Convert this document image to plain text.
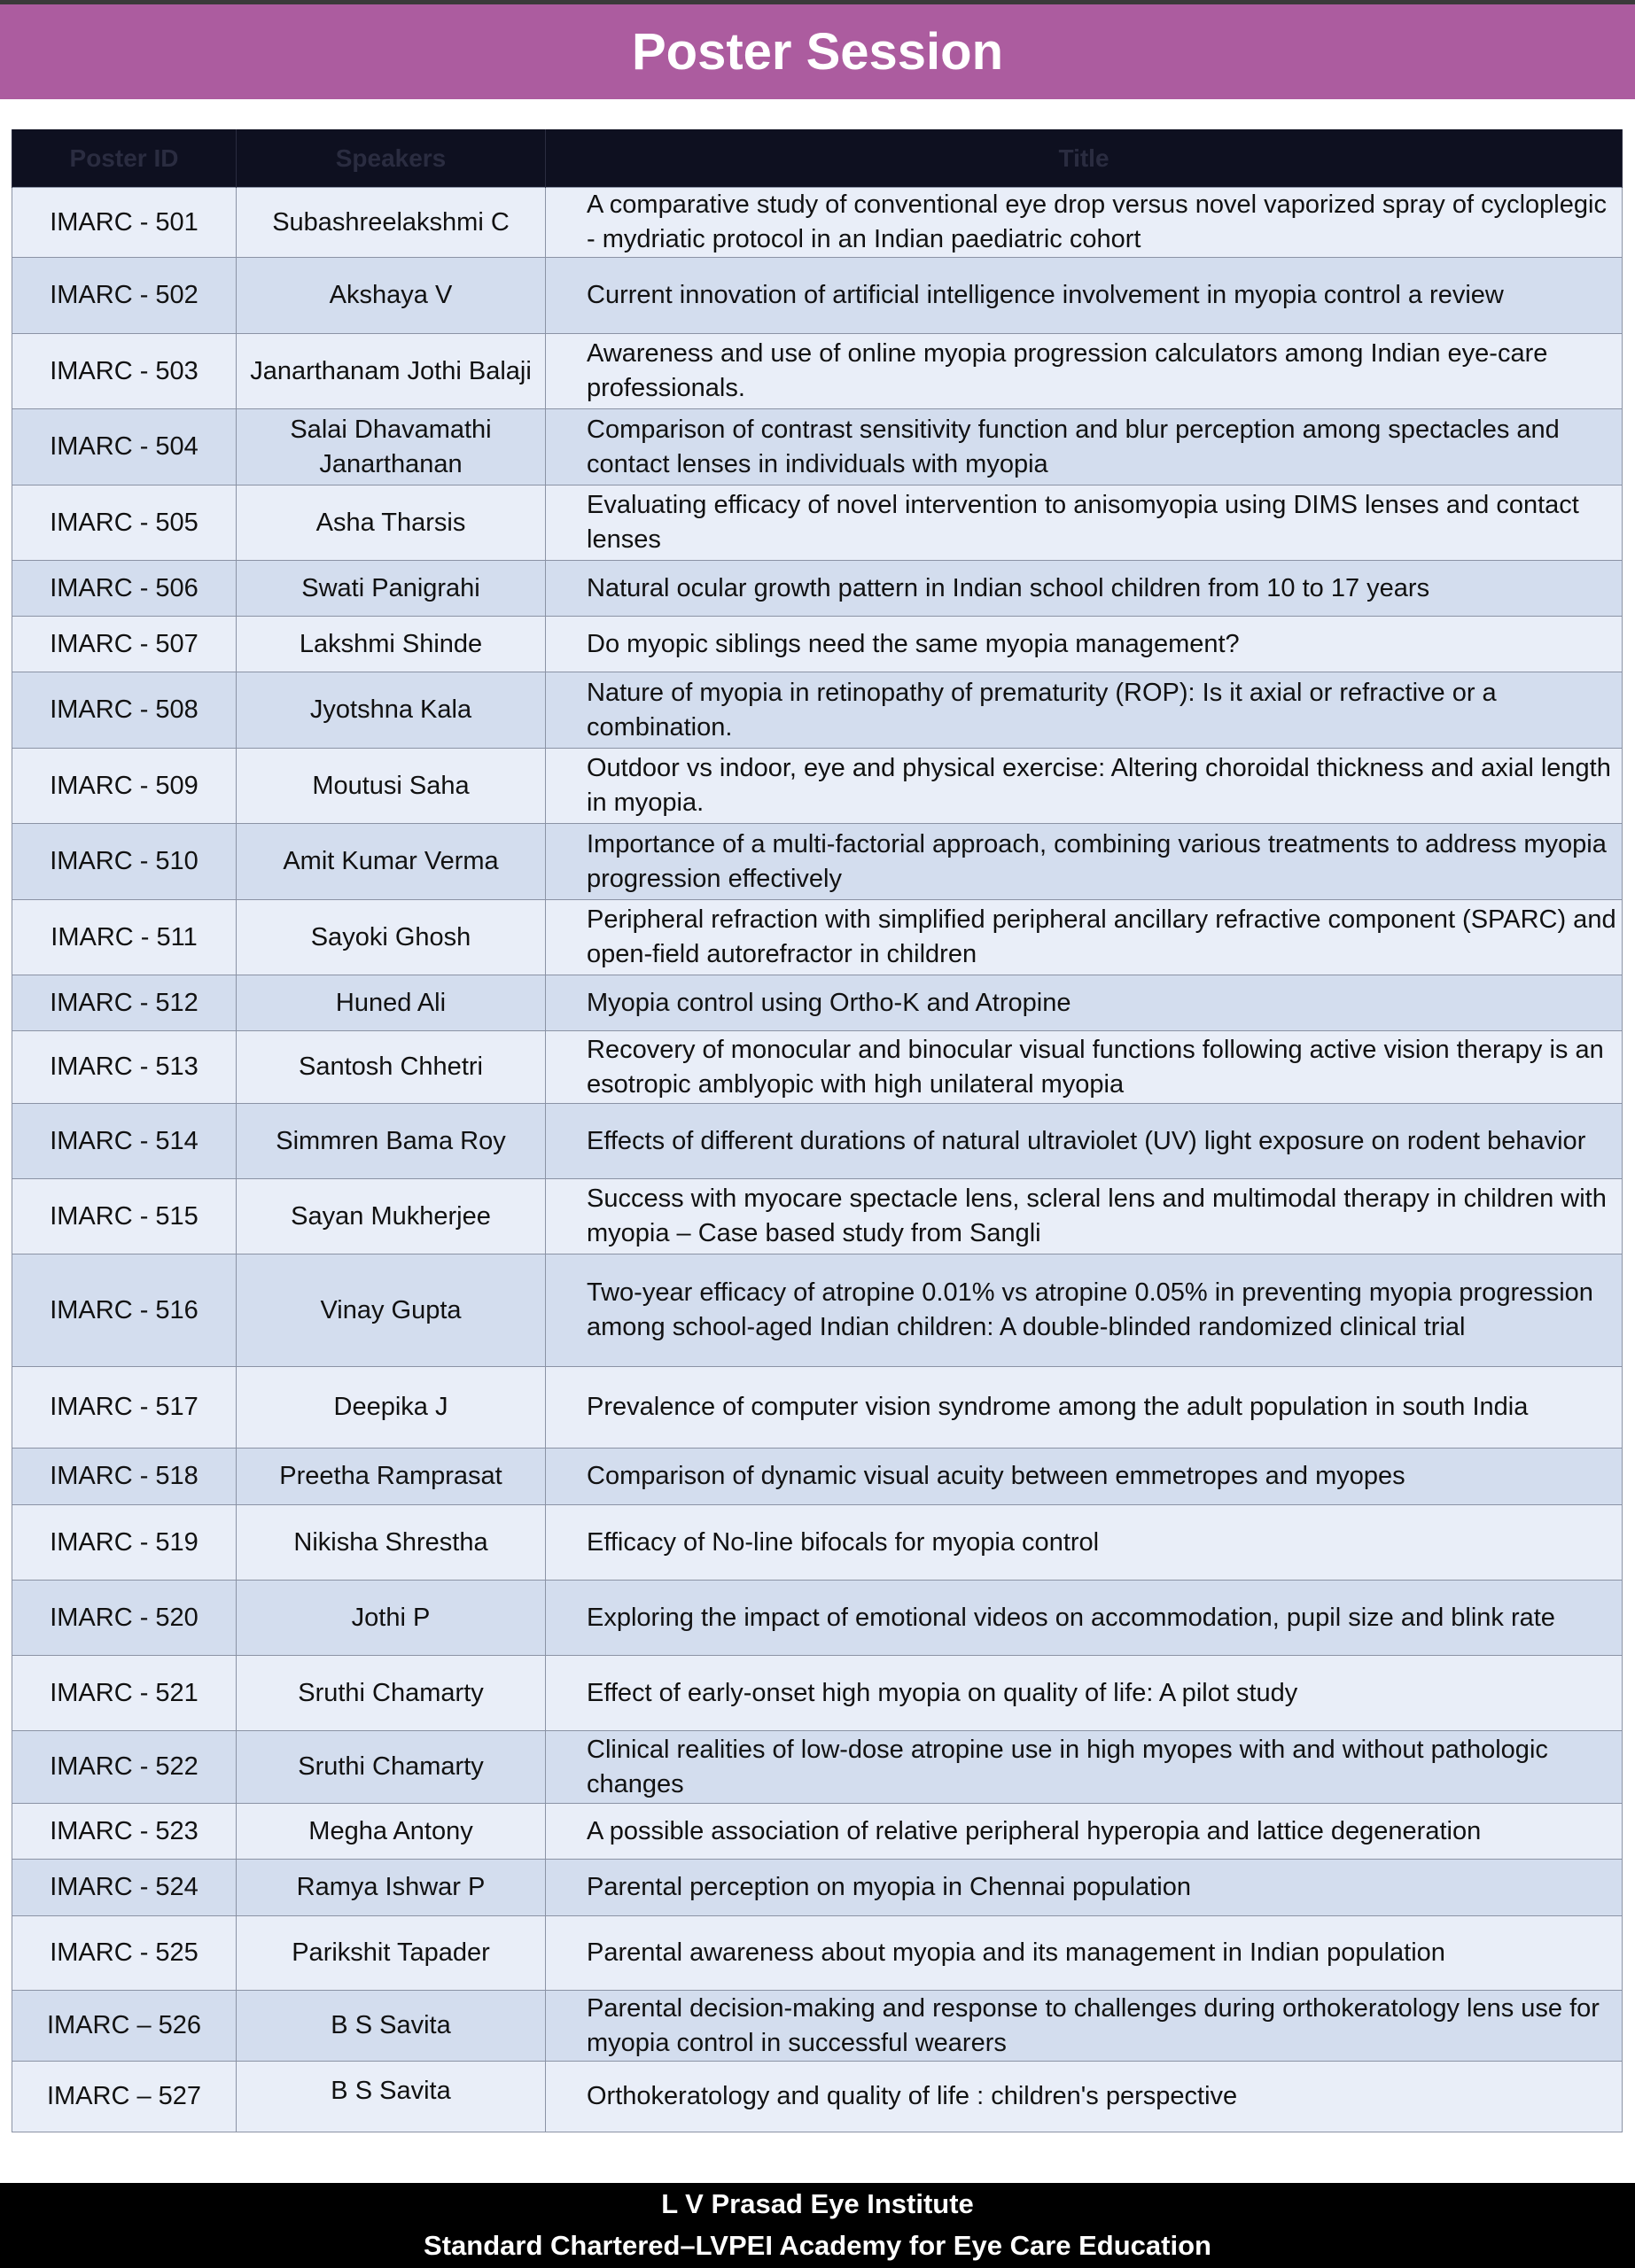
Poster Session
Poster ID	Speakers	Title
IMARC - 501	Subashreelakshmi C	A comparative study of conventional eye drop versus novel vaporized spray of cycloplegic - mydriatic protocol in an Indian paediatric cohort
IMARC - 502	Akshaya V	Current innovation of artificial intelligence involvement in myopia control a review
IMARC - 503	Janarthanam Jothi Balaji	Awareness and use of online myopia progression calculators among Indian eye-care professionals.
IMARC - 504	Salai Dhavamathi Janarthanan	Comparison of contrast sensitivity function and blur perception among spectacles and contact lenses in individuals with myopia
IMARC - 505	Asha Tharsis	Evaluating efficacy of novel intervention to anisomyopia using DIMS lenses and contact lenses
IMARC - 506	Swati Panigrahi	Natural ocular growth pattern in Indian school children from 10 to 17 years
IMARC - 507	Lakshmi Shinde	Do myopic siblings need the same myopia management?
IMARC - 508	Jyotshna Kala	Nature of myopia in retinopathy of prematurity (ROP): Is it axial or refractive or a combination.
IMARC - 509	Moutusi Saha	Outdoor vs indoor, eye and physical exercise: Altering choroidal thickness and axial length in myopia.
IMARC - 510	Amit Kumar Verma	Importance of a multi-factorial approach, combining various treatments to address myopia progression effectively
IMARC - 511	Sayoki Ghosh	Peripheral refraction with simplified peripheral ancillary refractive component (SPARC) and open-field autorefractor in children
IMARC - 512	Huned Ali	Myopia control using Ortho-K and Atropine
IMARC - 513	Santosh Chhetri	Recovery of monocular and binocular visual functions following active vision therapy is an esotropic amblyopic with high unilateral myopia
IMARC - 514	Simmren Bama Roy	Effects of different durations of natural ultraviolet (UV) light exposure on rodent behavior
IMARC - 515	Sayan Mukherjee	Success with myocare spectacle lens, scleral lens and multimodal therapy in children with myopia – Case based study from Sangli
IMARC - 516	Vinay Gupta	Two-year efficacy of atropine 0.01% vs atropine 0.05% in preventing myopia progression among school-aged Indian children: A double-blinded randomized clinical trial
IMARC - 517	Deepika J	Prevalence of computer vision syndrome among the adult population in south India
IMARC - 518	Preetha Ramprasat	Comparison of dynamic visual acuity between emmetropes and myopes
IMARC - 519	Nikisha Shrestha	Efficacy of No-line bifocals for myopia control
IMARC - 520	Jothi P	Exploring the impact of emotional videos on accommodation, pupil size and blink rate
IMARC - 521	Sruthi Chamarty	Effect of early-onset high myopia on quality of life: A pilot study
IMARC - 522	Sruthi Chamarty	Clinical realities of low-dose atropine use in high myopes with and without pathologic changes
IMARC - 523	Megha Antony	A possible association of relative peripheral hyperopia and lattice degeneration
IMARC - 524	Ramya Ishwar P	Parental perception on myopia in Chennai population
IMARC - 525	Parikshit Tapader	Parental awareness about myopia and its management in Indian population
IMARC – 526	B S Savita	Parental decision-making and response to challenges during orthokeratology lens use for myopia control in successful wearers
IMARC – 527	B S Savita	Orthokeratology and quality of life : children's perspective
L V Prasad Eye Institute
Standard Chartered–LVPEI Academy for Eye Care Education
